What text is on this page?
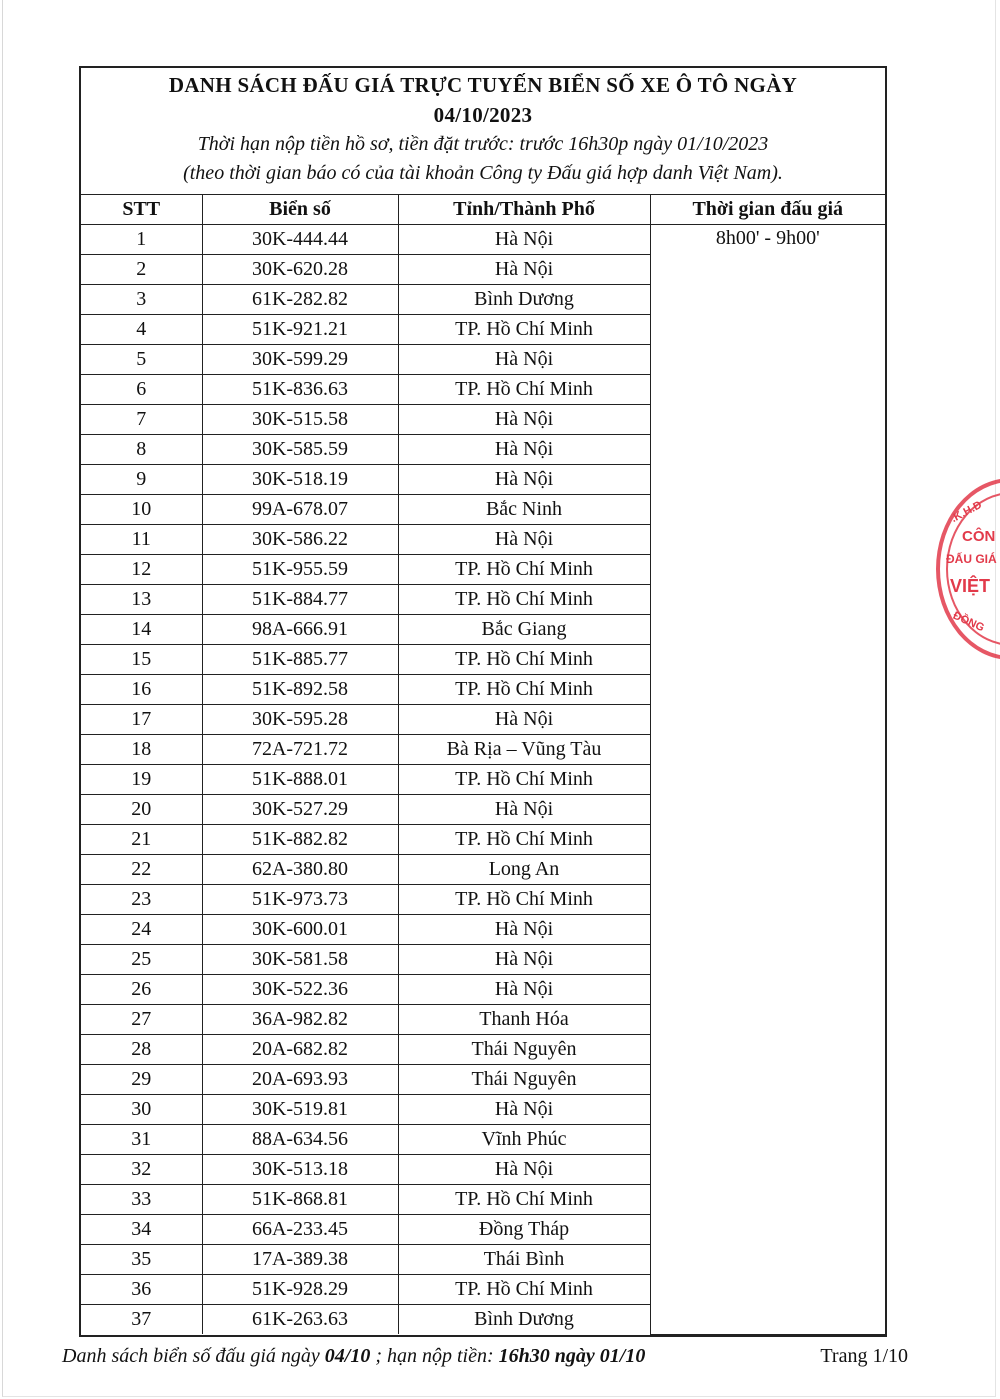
DANH SÁCH ĐẤU GIÁ TRỰC TUYẾN BIỂN SỐ XE Ô TÔ NGÀY
04/10/2023
Thời hạn nộp tiền hồ sơ, tiền đặt trước: trước 16h30p ngày 01/10/2023
(theo thời gian báo có của tài khoản Công ty Đấu giá hợp danh Việt Nam).
STT	Biển số	Tỉnh/Thành Phố	Thời gian đấu giá
1	30K-444.44	Hà Nội	8h00' - 9h00'
2	30K-620.28	Hà Nội	
3	61K-282.82	Bình Dương	
4	51K-921.21	TP. Hồ Chí Minh	
5	30K-599.29	Hà Nội	
6	51K-836.63	TP. Hồ Chí Minh	
7	30K-515.58	Hà Nội	
8	30K-585.59	Hà Nội	
9	30K-518.19	Hà Nội	
10	99A-678.07	Bắc Ninh	
11	30K-586.22	Hà Nội	
12	51K-955.59	TP. Hồ Chí Minh	
13	51K-884.77	TP. Hồ Chí Minh	
14	98A-666.91	Bắc Giang	
15	51K-885.77	TP. Hồ Chí Minh	
16	51K-892.58	TP. Hồ Chí Minh	
17	30K-595.28	Hà Nội	
18	72A-721.72	Bà Rịa – Vũng Tàu	
19	51K-888.01	TP. Hồ Chí Minh	
20	30K-527.29	Hà Nội	
21	51K-882.82	TP. Hồ Chí Minh	
22	62A-380.80	Long An	
23	51K-973.73	TP. Hồ Chí Minh	
24	30K-600.01	Hà Nội	
25	30K-581.58	Hà Nội	
26	30K-522.36	Hà Nội	
27	36A-982.82	Thanh Hóa	
28	20A-682.82	Thái Nguyên	
29	20A-693.93	Thái Nguyên	
30	30K-519.81	Hà Nội	
31	88A-634.56	Vĩnh Phúc	
32	30K-513.18	Hà Nội	
33	51K-868.81	TP. Hồ Chí Minh	
34	66A-233.45	Đồng Tháp	
35	17A-389.38	Thái Bình	
36	51K-928.29	TP. Hồ Chí Minh	
37	61K-263.63	Bình Dương	
.K.H.Đ
CÔN
ĐẤU GIÁ
VIỆT
ĐỒNG
Danh sách biển số đấu giá ngày 04/10 ; hạn nộp tiền: 16h30 ngày 01/10	Trang 1/10
